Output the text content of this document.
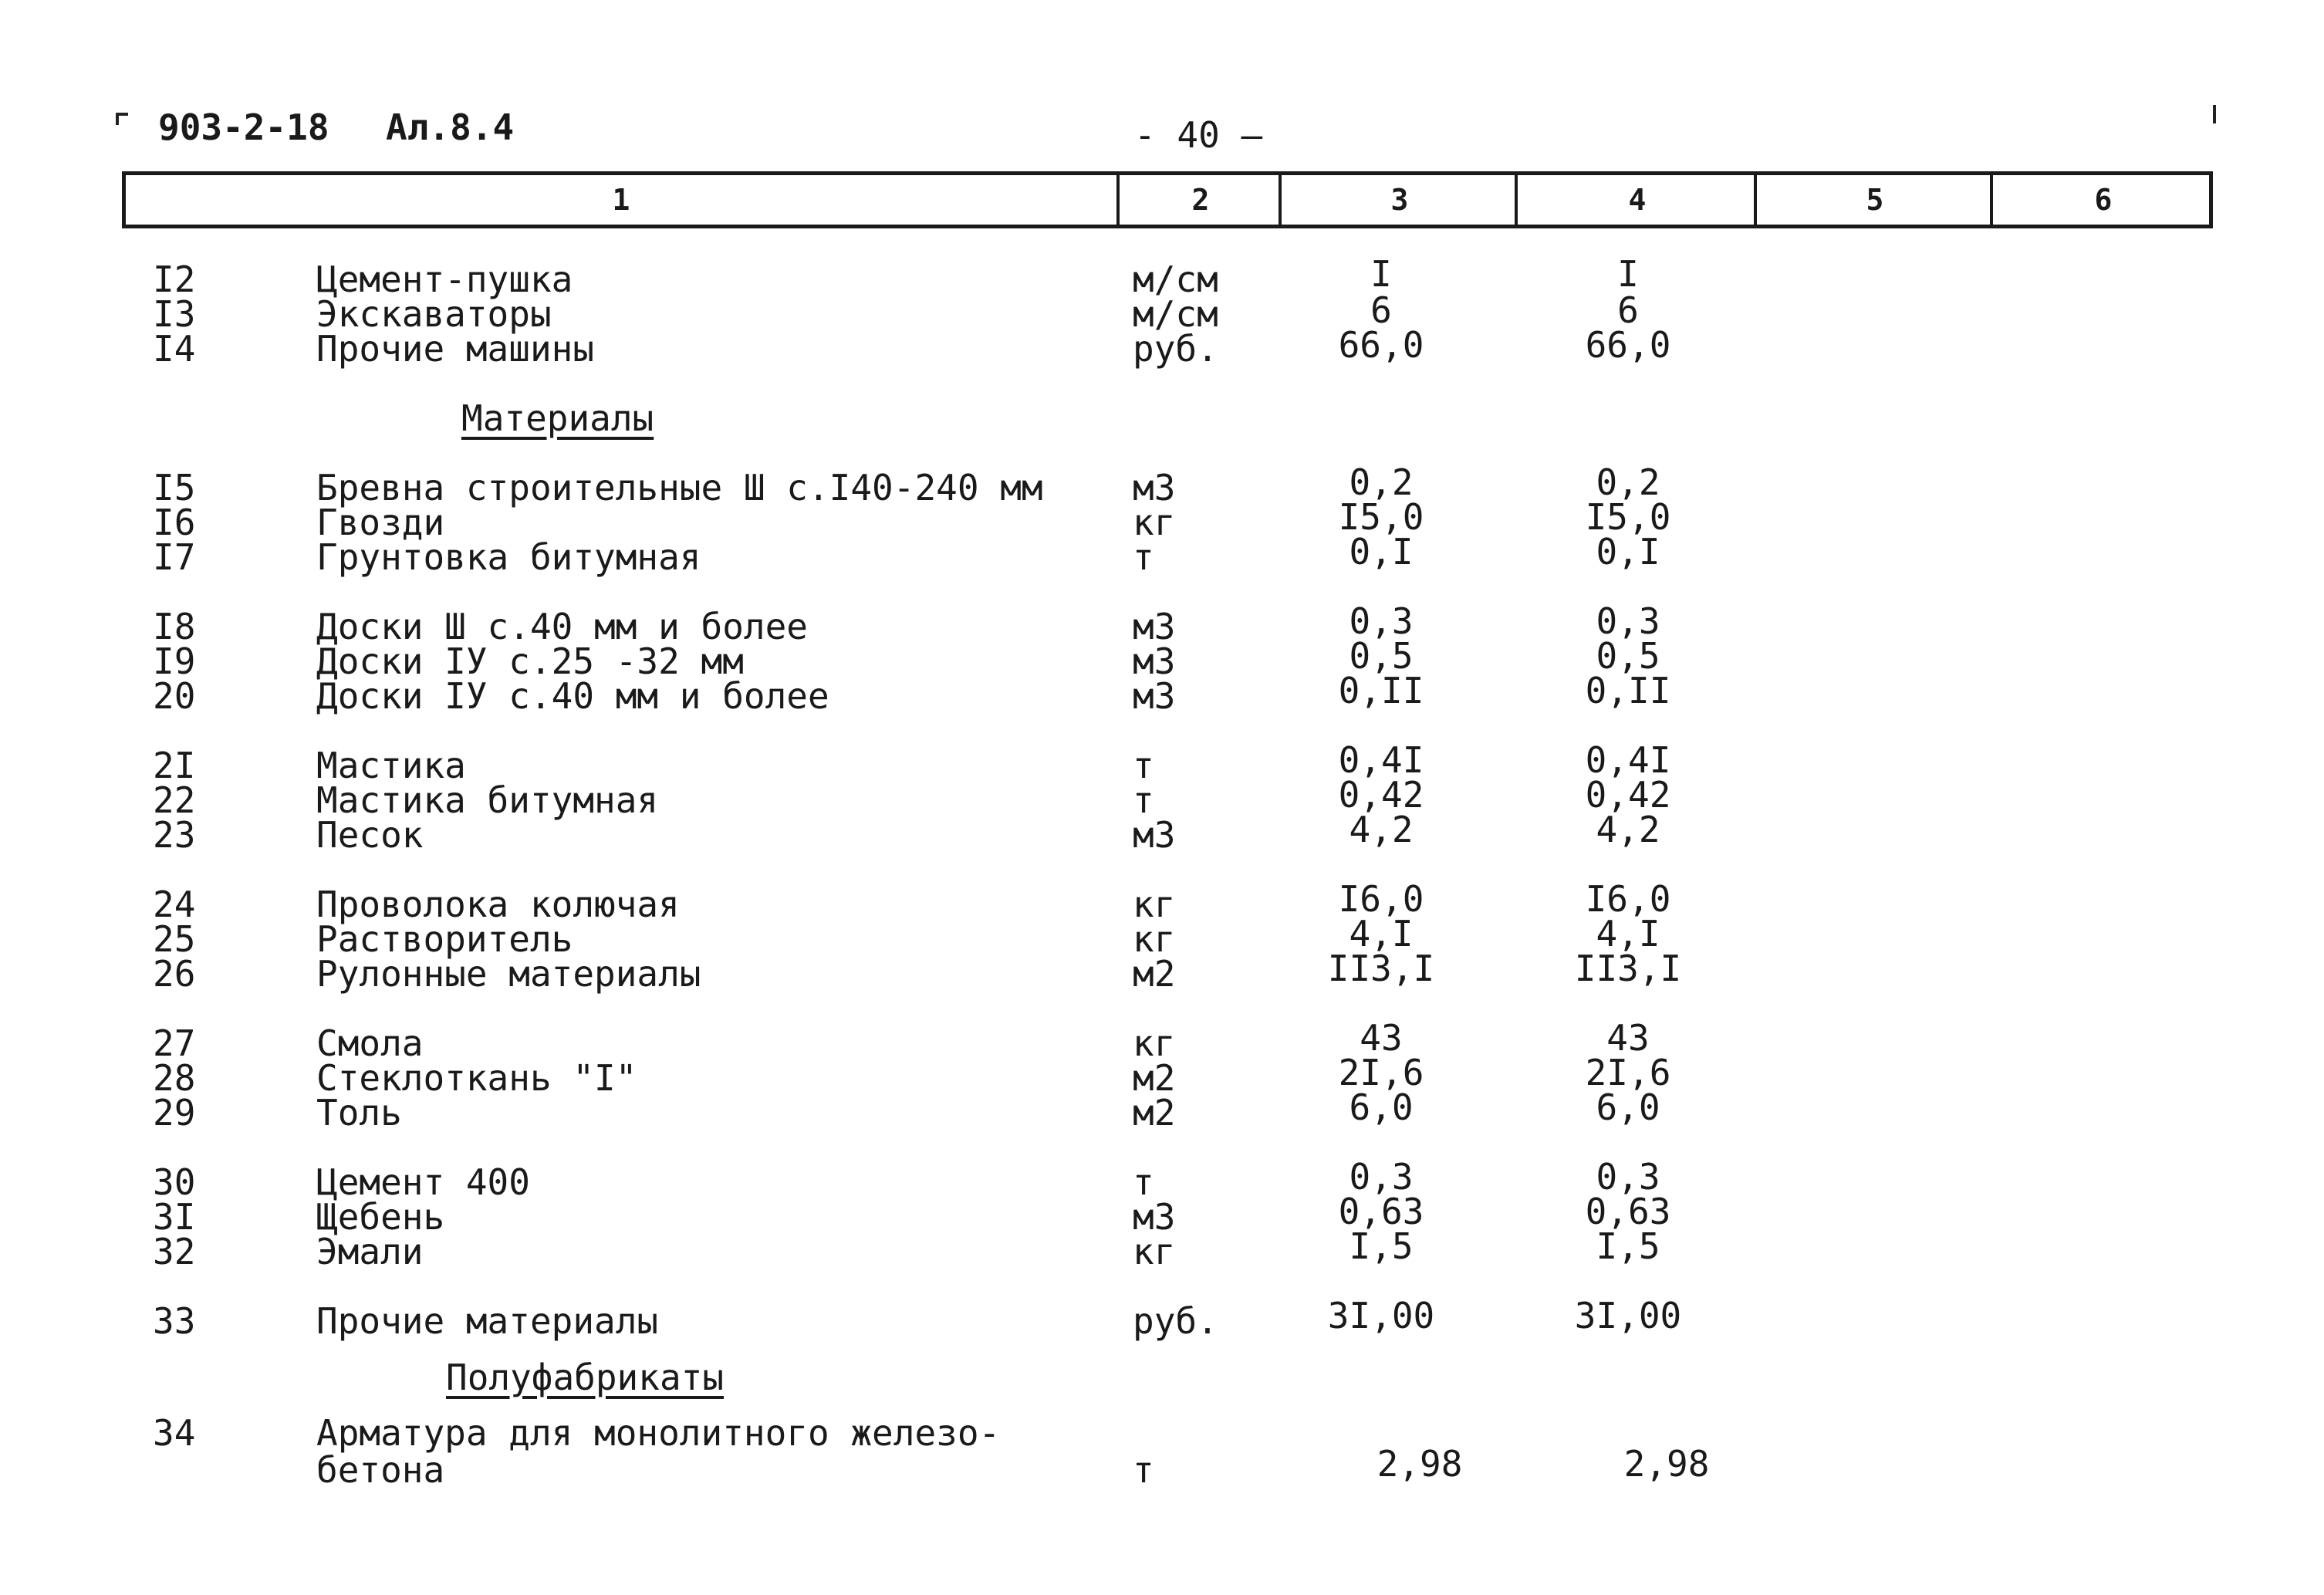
903-2-18 Ал.8.4	- 40 —
1	2	3	4	5	6
I2	Цемент-пушка	м/см	I	I
I3	Экскаваторы	м/см	6	6
I4	Прочие машины	руб.	66,0	66,0
Материалы
I5	Бревна строительные Ш с.I40-240 мм	м3	0,2	0,2
I6	Гвозди	кг	I5,0	I5,0
I7	Грунтовка битумная	т	0,I	0,I
I8	Доски Ш с.40 мм и более	м3	0,3	0,3
I9	Доски IУ с.25 -32 мм	м3	0,5	0,5
20	Доски IУ с.40 мм и более	м3	0,II	0,II
2I	Мастика	т	0,4I	0,4I
22	Мастика битумная	т	0,42	0,42
23	Песок	м3	4,2	4,2
24	Проволока колючая	кг	I6,0	I6,0
25	Растворитель	кг	4,I	4,I
26	Рулонные материалы	м2	II3,I	II3,I
27	Смола	кг	43	43
28	Стеклоткань "I"	м2	2I,6	2I,6
29	Толь	м2	6,0	6,0
30	Цемент 400	т	0,3	0,3
3I	Щебень	м3	0,63	0,63
32	Эмали	кг	I,5	I,5
33	Прочие материалы	руб.	3I,00	3I,00
Полуфабрикаты
34	Арматура для монолитного железо-
бетона	т	2,98	2,98
